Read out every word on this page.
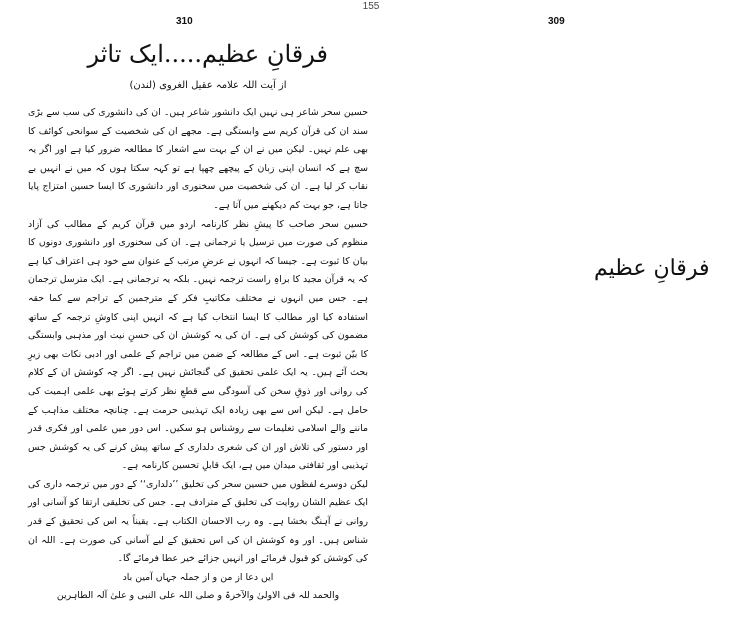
155
310
فرقانِ عظیم.....ایک تاثر
از آیت اللہ علامہ عقیل الغروی (لندن)

حسین سحر شاعر ہی نہیں ایک دانشور شاعر ہیں۔ ان کی دانشوری کی سب سے بڑی سند ان کی قرآن کریم سے وابستگی ہے۔ مجھے ان کی شخصیت کے سوانحی کوائف کا بھی علم نہیں۔ لیکن میں نے ان کے بہت سے اشعار کا مطالعہ ضرور کیا ہے اور اگر یہ سچ ہے کہ انسان اپنی زبان کے پیچھے چھپا ہے تو کہہ سکتا ہوں کہ میں نے انہیں بے نقاب کر لیا ہے۔ ان کی شخصیت میں سخنوری اور دانشوری کا ایسا حسین امتزاج پایا جاتا ہے، جو بہت کم دیکھنے میں آتا ہے۔

حسین سحر صاحب کا پیشِ نظر کارنامہ اردو میں قرآن کریم کے مطالب کی آزاد منظوم کی صورت میں ترسیل یا ترجمانی ہے۔ ان کی سخنوری اور دانشوری دونوں کا بیان کا ثبوت ہے۔ جیسا کہ انہوں نے عرضِ مرتب کے عنوان سے خود ہی اعتراف کیا ہے کہ یہ قرآن مجید کا براہِ راست ترجمہ نہیں۔ بلکہ یہ ترجمانی ہے۔ ایک مترسل ترجمان ہے۔ جس میں انہوں نے مختلف مکاتیبِ فکر کے مترجمین کے تراجم سے کما حقہ استفادہ کیا اور مطالب کا ایسا انتخاب کیا ہے کہ انہیں اپنی کاوشِ ترجمہ کے ساتھ مضمون کی کوشش کی ہے۔ ان کی یہ کوشش ان کی حسنِ نیت اور مذہبی وابستگی کا بیّن ثبوت ہے۔ اس کے مطالعہ کے ضمن میں تراجم کے علمی اور ادبی نکات بھی زیرِ بحث آئے ہیں۔ یہ ایک علمی تحقیق کی گنجائش نہیں ہے۔ اگر چہ کوشش ان کے کلام کی روانی اور ذوقِ سخن کی آسودگی سے قطعِ نظر کرتے ہوئے بھی علمی اہمیت کی حامل ہے۔ لیکن اس سے بھی زیادہ ایک تہذیبی حرمت ہے۔ چنانچہ مختلف مذاہب کے ماننے والے اسلامی تعلیمات سے روشناس ہو سکیں۔ اس دور میں علمی اور فکری قدر اور دستور کی تلاش اور ان کی شعری دلداری کے ساتھ پیش کرنے کی یہ کوشش جس تہذیبی اور ثقافتی میدان میں ہے، ایک قابلِ تحسین کارنامہ ہے۔

لیکن دوسرے لفظوں میں حسین سحر کی تخلیق ’’دلداری‘‘ کے دور میں ترجمہ داری کی ایک عظیم الشان روایت کی تخلیق کے مترادف ہے۔ جس کی تخلیقی ارتقا کو آسانی اور روانی نے آہنگ بخشا ہے۔ وہ رب الاحسان الکتاب ہے۔ یقیناً یہ اس کی تحقیق کے قدر شناس ہیں۔ اور وہ کوشش ان کی اس تحقیق کے لیے آسانی کی صورت ہے۔ اللہ ان کی کوشش کو قبول فرمائے اور انہیں جزائے خیر عطا فرمائے گا۔

ایں دعا از من و از جملہ جہاں آمین باد

والحمد للہ فی الاولیٰ والآخرۃ و صلی اللہ علی النبی و علیٰ آلہ الطاہرین

309
فرقانِ عظیم
